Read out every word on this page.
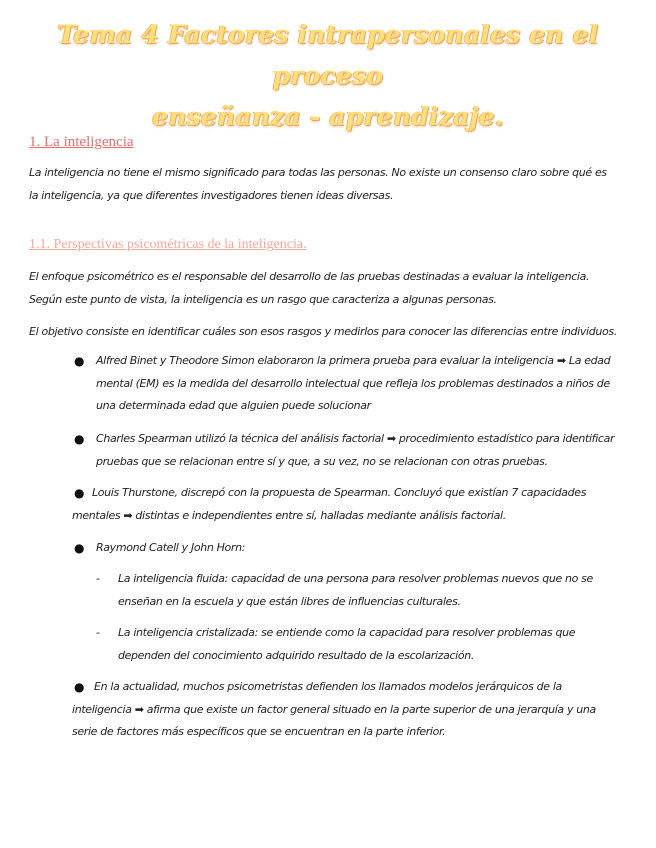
Tema 4 Factores intrapersonales en el proceso
enseñanza - aprendizaje.
1. La inteligencia
La inteligencia no tiene el mismo significado para todas las personas. No existe un consenso claro sobre qué es la inteligencia, ya que diferentes investigadores tienen ideas diversas.
1.1. Perspectivas psicométricas de la inteligencia.
El enfoque psicométrico es el responsable del desarrollo de las pruebas destinadas a evaluar la inteligencia. Según este punto de vista, la inteligencia es un rasgo que caracteriza a algunas personas.
El objetivo consiste en identificar cuáles son esos rasgos y medirlos para conocer las diferencias entre individuos.
● Alfred Binet y Theodore Simon elaboraron la primera prueba para evaluar la inteligencia ➡ La edad mental (EM) es la medida del desarrollo intelectual que refleja los problemas destinados a niños de una determinada edad que alguien puede solucionar
● Charles Spearman utilizó la técnica del análisis factorial ➡ procedimiento estadístico para identificar pruebas que se relacionan entre sí y que, a su vez, no se relacionan con otras pruebas.
● Louis Thurstone, discrepó con la propuesta de Spearman. Concluyó que existían 7 capacidades mentales ➡ distintas e independientes entre sí, halladas mediante análisis factorial.
● Raymond Catell y John Horn:
- La inteligencia fluida: capacidad de una persona para resolver problemas nuevos que no se enseñan en la escuela y que están libres de influencias culturales.
- La inteligencia cristalizada: se entiende como la capacidad para resolver problemas que dependen del conocimiento adquirido resultado de la escolarización.
● En la actualidad, muchos psicometristas defienden los llamados modelos jerárquicos de la inteligencia ➡ afirma que existe un factor general situado en la parte superior de una jerarquía y una serie de factores más específicos que se encuentran en la parte inferior.
